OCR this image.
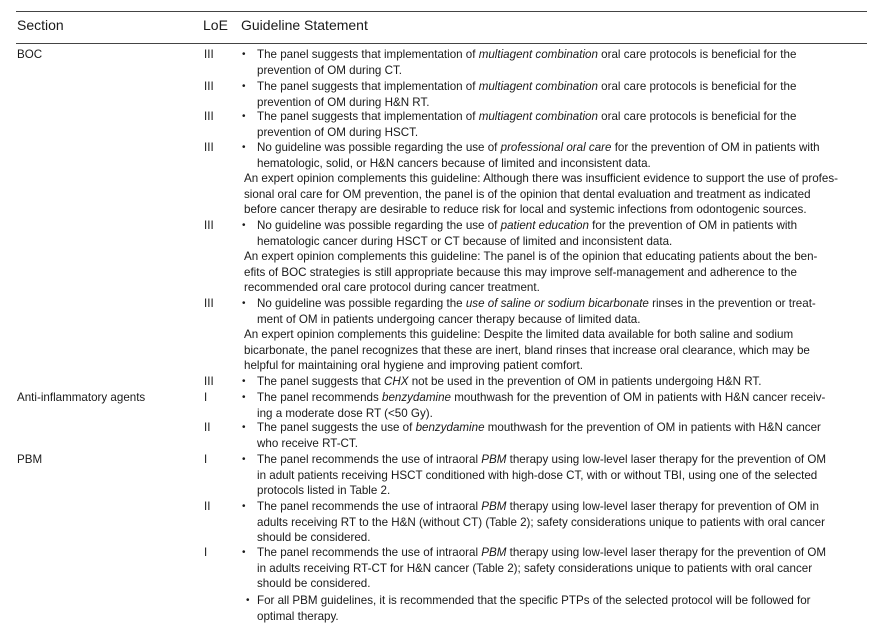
Section	LoE Guideline Statement
BOC	III	• The panel suggests that implementation of multiagent combination oral care protocols is beneficial for the
prevention of OM during CT.
III	• The panel suggests that implementation of multiagent combination oral care protocols is beneficial for the
prevention of OM during H&N RT.
III	• The panel suggests that implementation of multiagent combination oral care protocols is beneficial for the
prevention of OM during HSCT.
III	• No guideline was possible regarding the use of professional oral care for the prevention of OM in patients with
hematologic, solid, or H&N cancers because of limited and inconsistent data.
An expert opinion complements this guideline: Although there was insufficient evidence to support the use of profes-
sional oral care for OM prevention, the panel is of the opinion that dental evaluation and treatment as indicated
before cancer therapy are desirable to reduce risk for local and systemic infections from odontogenic sources.
III	• No guideline was possible regarding the use of patient education for the prevention of OM in patients with
hematologic cancer during HSCT or CT because of limited and inconsistent data.
An expert opinion complements this guideline: The panel is of the opinion that educating patients about the ben-
efits of BOC strategies is still appropriate because this may improve self-management and adherence to the
recommended oral care protocol during cancer treatment.
III	• No guideline was possible regarding the use of saline or sodium bicarbonate rinses in the prevention or treat-
ment of OM in patients undergoing cancer therapy because of limited data.
An expert opinion complements this guideline: Despite the limited data available for both saline and sodium
bicarbonate, the panel recognizes that these are inert, bland rinses that increase oral clearance, which may be
helpful for maintaining oral hygiene and improving patient comfort.
III	• The panel suggests that CHX not be used in the prevention of OM in patients undergoing H&N RT.
Anti-inflammatory agents	I	• The panel recommends benzydamine mouthwash for the prevention of OM in patients with H&N cancer receiv-
ing a moderate dose RT (<50 Gy).
II	• The panel suggests the use of benzydamine mouthwash for the prevention of OM in patients with H&N cancer
who receive RT-CT.
PBM	I	• The panel recommends the use of intraoral PBM therapy using low-level laser therapy for the prevention of OM
in adult patients receiving HSCT conditioned with high-dose CT, with or without TBI, using one of the selected
protocols listed in Table 2.
II	• The panel recommends the use of intraoral PBM therapy using low-level laser therapy for prevention of OM in
adults receiving RT to the H&N (without CT) (Table 2); safety considerations unique to patients with oral cancer
should be considered.
I	• The panel recommends the use of intraoral PBM therapy using low-level laser therapy for the prevention of OM
in adults receiving RT-CT for H&N cancer (Table 2); safety considerations unique to patients with oral cancer
should be considered.
• For all PBM guidelines, it is recommended that the specific PTPs of the selected protocol will be followed for
optimal therapy.
